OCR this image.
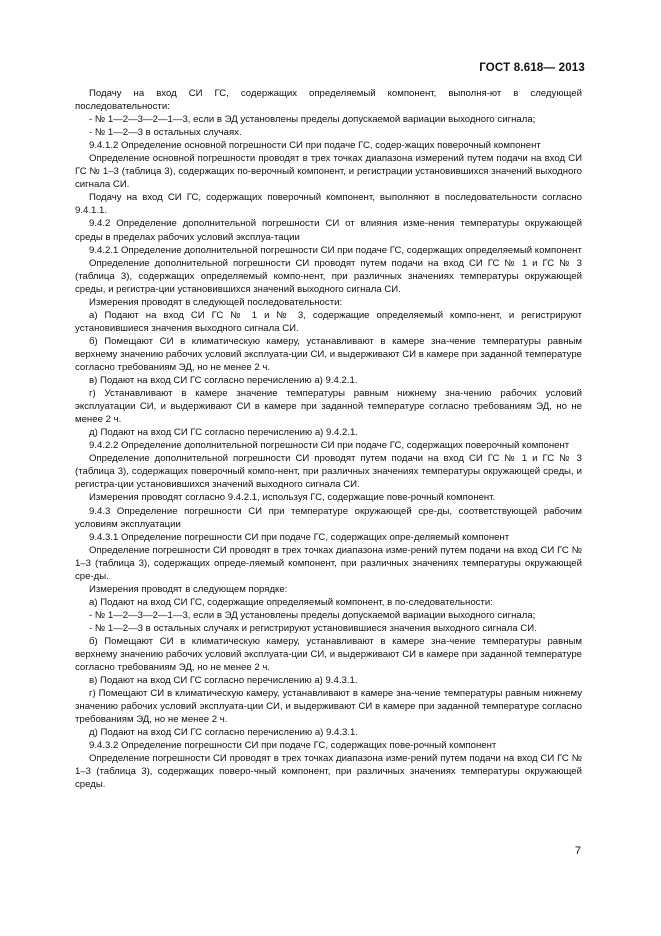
ГОСТ 8.618— 2013

Подачу на вход СИ ГС, содержащих определяемый компонент, выполня-ют в следующей последовательности:

- № 1—2—3—2—1—3, если в ЭД установлены пределы допускаемой вариации выходного сигнала;

- № 1—2—3 в остальных случаях.

9.4.1.2 Определение основной погрешности СИ при подаче ГС, содер-жащих поверочный компонент

Определение основной погрешности проводят в трех точках диапазона измерений путем подачи на вход СИ ГС № 1–3 (таблица 3), содержащих по-верочный компонент, и регистрации установившихся значений выходного сигнала СИ.

Подачу на вход СИ ГС, содержащих поверочный компонент, выполняют в последовательности согласно 9.4.1.1.

9.4.2 Определение дополнительной погрешности СИ от влияния изме-нения температуры окружающей среды в пределах рабочих условий эксплуа-тации

9.4.2.1 Определение дополнительной погрешности СИ при подаче ГС, содержащих определяемый компонент

Определение дополнительной погрешности СИ проводят путем подачи на вход СИ ГС № 1 и ГС № 3 (таблица 3), содержащих определяемый компо-нент, при различных значениях температуры окружающей среды, и регистра-ции установившихся значений выходного сигнала СИ.

Измерения проводят в следующей последовательности:

а) Подают на вход СИ ГС № 1 и № 3, содержащие определяемый компо-нент, и регистрируют установившиеся значения выходного сигнала СИ.

б) Помещают СИ в климатическую камеру, устанавливают в камере зна-чение температуры равным верхнему значению рабочих условий эксплуата-ции СИ, и выдерживают СИ в камере при заданной температуре согласно требованиям ЭД, но не менее 2 ч.

в) Подают на вход СИ ГС согласно перечислению а) 9.4.2.1.

г) Устанавливают в камере значение температуры равным нижнему зна-чению рабочих условий эксплуатации СИ, и выдерживают СИ в камере при заданной температуре согласно требованиям ЭД, но не менее 2 ч.

д) Подают на вход СИ ГС согласно перечислению а) 9.4.2.1.

9.4.2.2 Определение дополнительной погрешности СИ при подаче ГС, содержащих поверочный компонент

Определение дополнительной погрешности СИ проводят путем подачи на вход СИ ГС № 1 и ГС № 3 (таблица 3), содержащих поверочный компо-нент, при различных значениях температуры окружающей среды, и регистра-ции установившихся значений выходного сигнала СИ.

Измерения проводят согласно 9.4.2.1, используя ГС, содержащие пове-рочный компонент.

9.4.3 Определение погрешности СИ при температуре окружающей сре-ды, соответствующей рабочим условиям эксплуатации

9.4.3.1 Определение погрешности СИ при подаче ГС, содержащих опре-деляемый компонент

Определение погрешности СИ проводят в трех точках диапазона изме-рений путем подачи на вход СИ ГС № 1–3 (таблица 3), содержащих опреде-ляемый компонент, при различных значениях температуры окружающей сре-ды.

Измерения проводят в следующем порядке:

а) Подают на вход СИ ГС, содержащие определяемый компонент, в по-следовательности:

- № 1—2—3—2—1—3, если в ЭД установлены пределы допускаемой вариации выходного сигнала;

- № 1—2—3 в остальных случаях и регистрируют установившиеся значения выходного сигнала СИ.

б) Помещают СИ в климатическую камеру, устанавливают в камере зна-чение температуры равным верхнему значению рабочих условий эксплуата-ции СИ, и выдерживают СИ в камере при заданной температуре согласно требованиям ЭД, но не менее 2 ч.

в) Подают на вход СИ ГС согласно перечислению а) 9.4.3.1.

г) Помещают СИ в климатическую камеру, устанавливают в камере зна-чение температуры равным нижнему значению рабочих условий эксплуата-ции СИ, и выдерживают СИ в камере при заданной температуре согласно требованиям ЭД, но не менее 2 ч.

д) Подают на вход СИ ГС согласно перечислению а) 9.4.3.1.

9.4.3.2 Определение погрешности СИ при подаче ГС, содержащих пове-рочный компонент

Определение погрешности СИ проводят в трех точках диапазона изме-рений путем подачи на вход СИ ГС № 1–3 (таблица 3), содержащих поверо-чный компонент, при различных значениях температуры окружающей среды.

7
